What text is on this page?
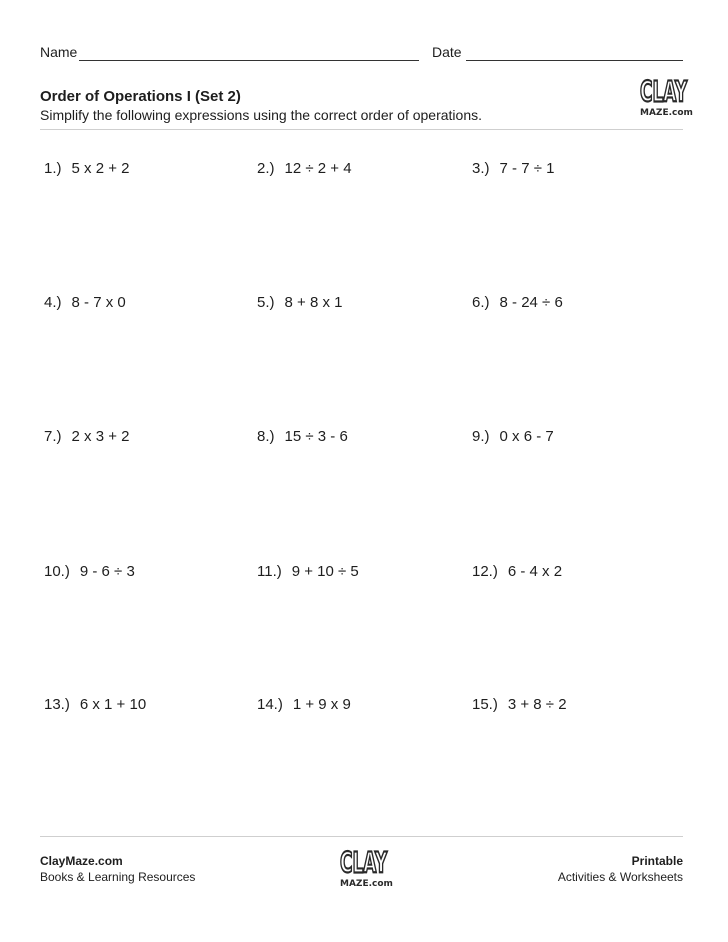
Name	Date
Order of Operations I (Set 2)
Simplify the following expressions using the correct order of operations.
CLAY
MAZE.com
1.) 5 x 2 + 2	2.) 12 ÷ 2 + 4	3.) 7 - 7 ÷ 1
4.) 8 - 7 x 0	5.) 8 + 8 x 1	6.) 8 - 24 ÷ 6
7.) 2 x 3 + 2	8.) 15 ÷ 3 - 6	9.) 0 x 6 - 7
10.) 9 - 6 ÷ 3	11.) 9 + 10 ÷ 5	12.) 6 - 4 x 2
13.) 6 x 1 + 10	14.) 1 + 9 x 9	15.) 3 + 8 ÷ 2
ClayMaze.com
Books & Learning Resources	CLAY
MAZE.com
Printable
Activities & Worksheets
